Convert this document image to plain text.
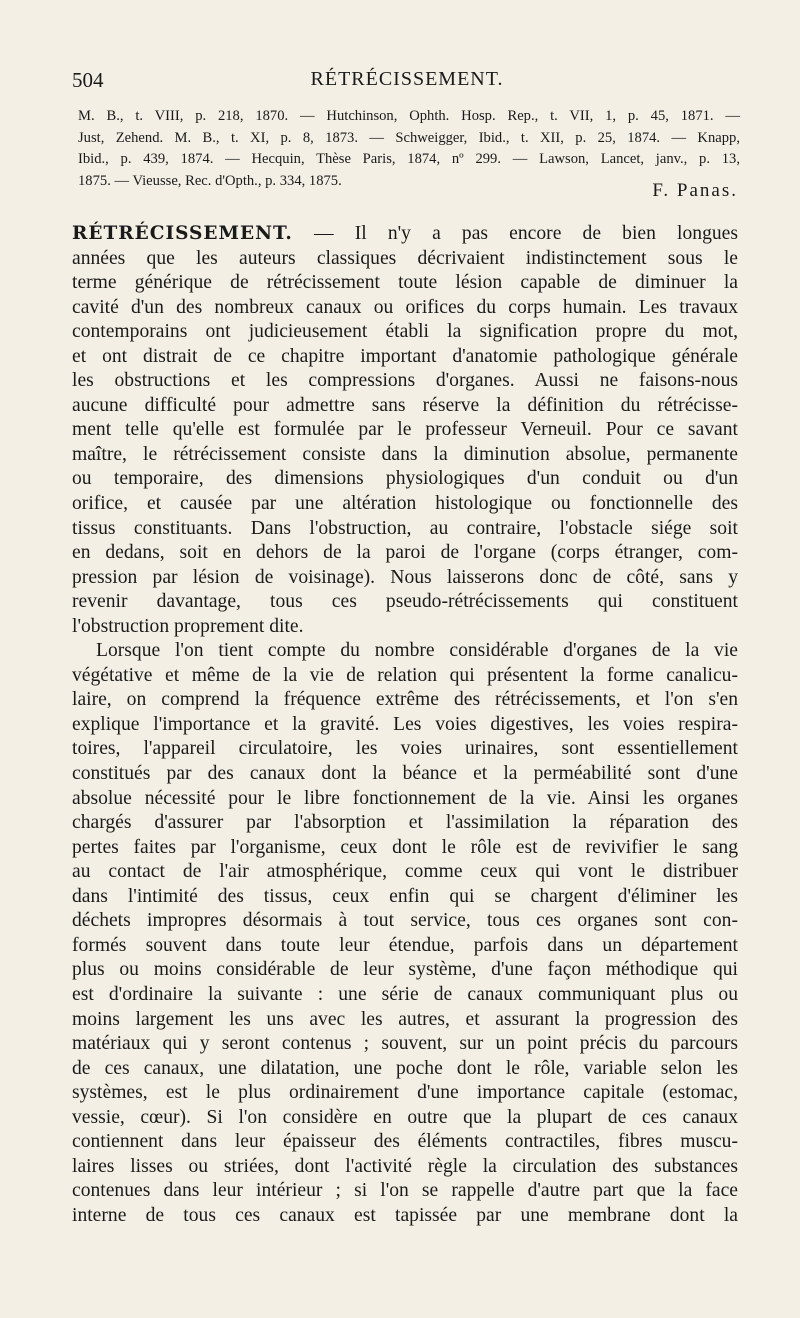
504	RÉTRÉCISSEMENT.
M. B., t. VIII, p. 218, 1870. — Hutchinson, Ophth. Hosp. Rep., t. VII, 1, p. 45, 1871. —
Just, Zehend. M. B., t. XI, p. 8, 1873. — Schweigger, Ibid., t. XII, p. 25, 1874. — Knapp,
Ibid., p. 439, 1874. — Hecquin, Thèse Paris, 1874, nº 299. — Lawson, Lancet, janv., p. 13,
1875. — Vieusse, Rec. d'Opth., p. 334, 1875.	F. Panas.
RÉTRÉCISSEMENT. — Il n'y a pas encore de bien longues
années que les auteurs classiques décrivaient indistinctement sous le
terme générique de rétrécissement toute lésion capable de diminuer la
cavité d'un des nombreux canaux ou orifices du corps humain. Les travaux
contemporains ont judicieusement établi la signification propre du mot,
et ont distrait de ce chapitre important d'anatomie pathologique générale
les obstructions et les compressions d'organes. Aussi ne faisons-nous
aucune difficulté pour admettre sans réserve la définition du rétrécisse-
ment telle qu'elle est formulée par le professeur Verneuil. Pour ce savant
maître, le rétrécissement consiste dans la diminution absolue, permanente
ou temporaire, des dimensions physiologiques d'un conduit ou d'un
orifice, et causée par une altération histologique ou fonctionnelle des
tissus constituants. Dans l'obstruction, au contraire, l'obstacle siége soit
en dedans, soit en dehors de la paroi de l'organe (corps étranger, com-
pression par lésion de voisinage). Nous laisserons donc de côté, sans y
revenir davantage, tous ces pseudo-rétrécissements qui constituent
l'obstruction proprement dite.
Lorsque l'on tient compte du nombre considérable d'organes de la vie
végétative et même de la vie de relation qui présentent la forme canalicu-
laire, on comprend la fréquence extrême des rétrécissements, et l'on s'en
explique l'importance et la gravité. Les voies digestives, les voies respira-
toires, l'appareil circulatoire, les voies urinaires, sont essentiellement
constitués par des canaux dont la béance et la perméabilité sont d'une
absolue nécessité pour le libre fonctionnement de la vie. Ainsi les organes
chargés d'assurer par l'absorption et l'assimilation la réparation des
pertes faites par l'organisme, ceux dont le rôle est de revivifier le sang
au contact de l'air atmosphérique, comme ceux qui vont le distribuer
dans l'intimité des tissus, ceux enfin qui se chargent d'éliminer les
déchets impropres désormais à tout service, tous ces organes sont con-
formés souvent dans toute leur étendue, parfois dans un département
plus ou moins considérable de leur système, d'une façon méthodique qui
est d'ordinaire la suivante : une série de canaux communiquant plus ou
moins largement les uns avec les autres, et assurant la progression des
matériaux qui y seront contenus ; souvent, sur un point précis du parcours
de ces canaux, une dilatation, une poche dont le rôle, variable selon les
systèmes, est le plus ordinairement d'une importance capitale (estomac,
vessie, cœur). Si l'on considère en outre que la plupart de ces canaux
contiennent dans leur épaisseur des éléments contractiles, fibres muscu-
laires lisses ou striées, dont l'activité règle la circulation des substances
contenues dans leur intérieur ; si l'on se rappelle d'autre part que la face
interne de tous ces canaux est tapissée par une membrane dont la
